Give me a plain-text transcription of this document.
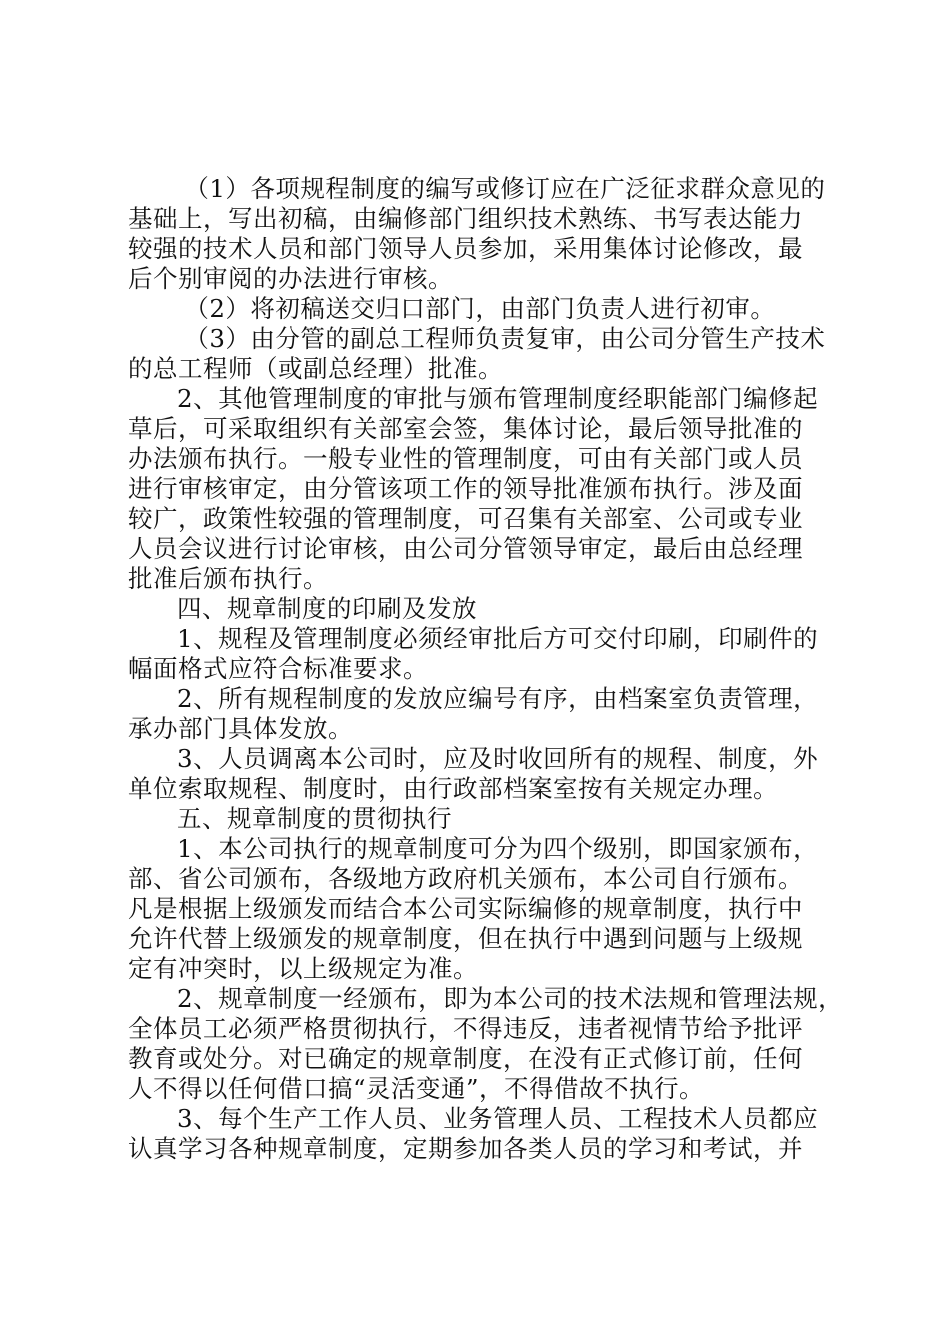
（1）各项规程制度的编写或修订应在广泛征求群众意见的
基础上，写出初稿，由编修部门组织技术熟练、书写表达能力
较强的技术人员和部门领导人员参加，采用集体讨论修改，最
后个别审阅的办法进行审核。

（2）将初稿送交归口部门，由部门负责人进行初审。

（3）由分管的副总工程师负责复审，由公司分管生产技术
的总工程师（或副总经理）批准。

2、其他管理制度的审批与颁布管理制度经职能部门编修起
草后，可采取组织有关部室会签，集体讨论，最后领导批准的
办法颁布执行。一般专业性的管理制度，可由有关部门或人员
进行审核审定，由分管该项工作的领导批准颁布执行。涉及面
较广，政策性较强的管理制度，可召集有关部室、公司或专业
人员会议进行讨论审核，由公司分管领导审定，最后由总经理
批准后颁布执行。

四、规章制度的印刷及发放

1、规程及管理制度必须经审批后方可交付印刷，印刷件的
幅面格式应符合标准要求。

2、所有规程制度的发放应编号有序，由档案室负责管理，
承办部门具体发放。

3、人员调离本公司时，应及时收回所有的规程、制度，外
单位索取规程、制度时，由行政部档案室按有关规定办理。

五、规章制度的贯彻执行

1、本公司执行的规章制度可分为四个级别，即国家颁布，
部、省公司颁布，各级地方政府机关颁布，本公司自行颁布。
凡是根据上级颁发而结合本公司实际编修的规章制度，执行中
允许代替上级颁发的规章制度，但在执行中遇到问题与上级规
定有冲突时，以上级规定为准。

2、规章制度一经颁布，即为本公司的技术法规和管理法规，
全体员工必须严格贯彻执行，不得违反，违者视情节给予批评
教育或处分。对已确定的规章制度，在没有正式修订前，任何
人不得以任何借口搞“灵活变通”，不得借故不执行。

3、每个生产工作人员、业务管理人员、工程技术人员都应
认真学习各种规章制度，定期参加各类人员的学习和考试，并
